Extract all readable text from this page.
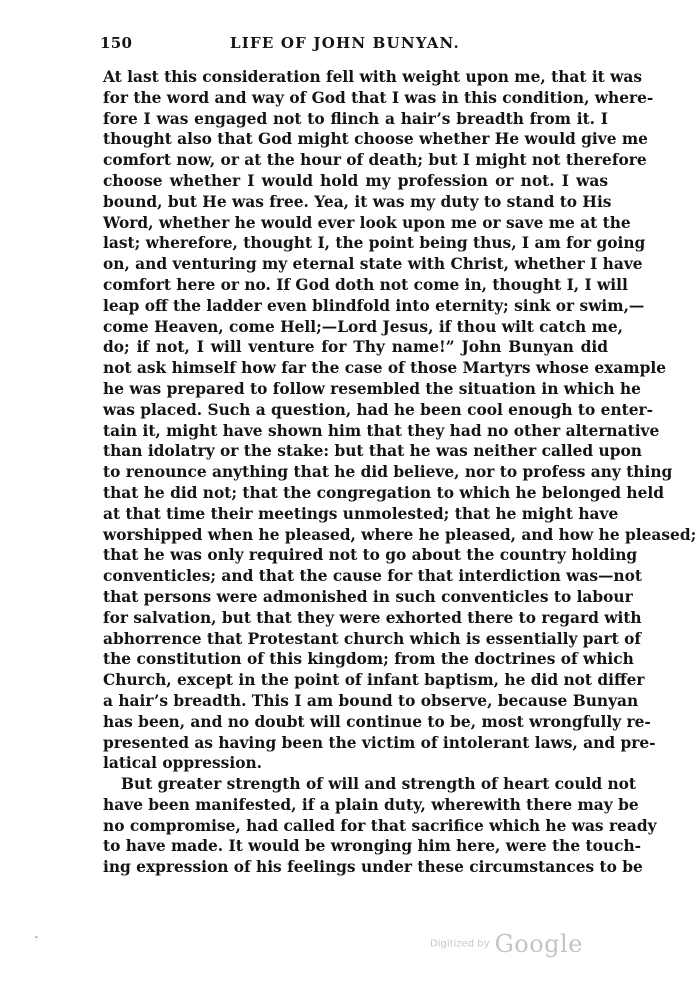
150	LIFE OF JOHN BUNYAN.
At last this consideration fell with weight upon me, that it was
for the word and way of God that I was in this condition, where-
fore I was engaged not to flinch a hair’s breadth from it. I
thought also that God might choose whether He would give me
comfort now, or at the hour of death; but I might not therefore
choose whether I would hold my profession or not. I was
bound, but He was free. Yea, it was my duty to stand to His
Word, whether he would ever look upon me or save me at the
last; wherefore, thought I, the point being thus, I am for going
on, and venturing my eternal state with Christ, whether I have
comfort here or no. If God doth not come in, thought I, I will
leap off the ladder even blindfold into eternity; sink or swim,—
come Heaven, come Hell;—Lord Jesus, if thou wilt catch me,
do; if not, I will venture for Thy name!” John Bunyan did
not ask himself how far the case of those Martyrs whose example
he was prepared to follow resembled the situation in which he
was placed. Such a question, had he been cool enough to enter-
tain it, might have shown him that they had no other alternative
than idolatry or the stake: but that he was neither called upon
to renounce anything that he did believe, nor to profess any thing
that he did not; that the congregation to which he belonged held
at that time their meetings unmolested; that he might have
worshipped when he pleased, where he pleased, and how he pleased;
that he was only required not to go about the country holding
conventicles; and that the cause for that interdiction was—not
that persons were admonished in such conventicles to labour
for salvation, but that they were exhorted there to regard with
abhorrence that Protestant church which is essentially part of
the constitution of this kingdom; from the doctrines of which
Church, except in the point of infant baptism, he did not differ
a hair’s breadth. This I am bound to observe, because Bunyan
has been, and no doubt will continue to be, most wrongfully re-
presented as having been the victim of intolerant laws, and pre-
latical oppression.
But greater strength of will and strength of heart could not
have been manifested, if a plain duty, wherewith there may be
no compromise, had called for that sacrifice which he was ready
to have made. It would be wronging him here, were the touch-
ing expression of his feelings under these circumstances to be
ˇ	Digitized by Google
